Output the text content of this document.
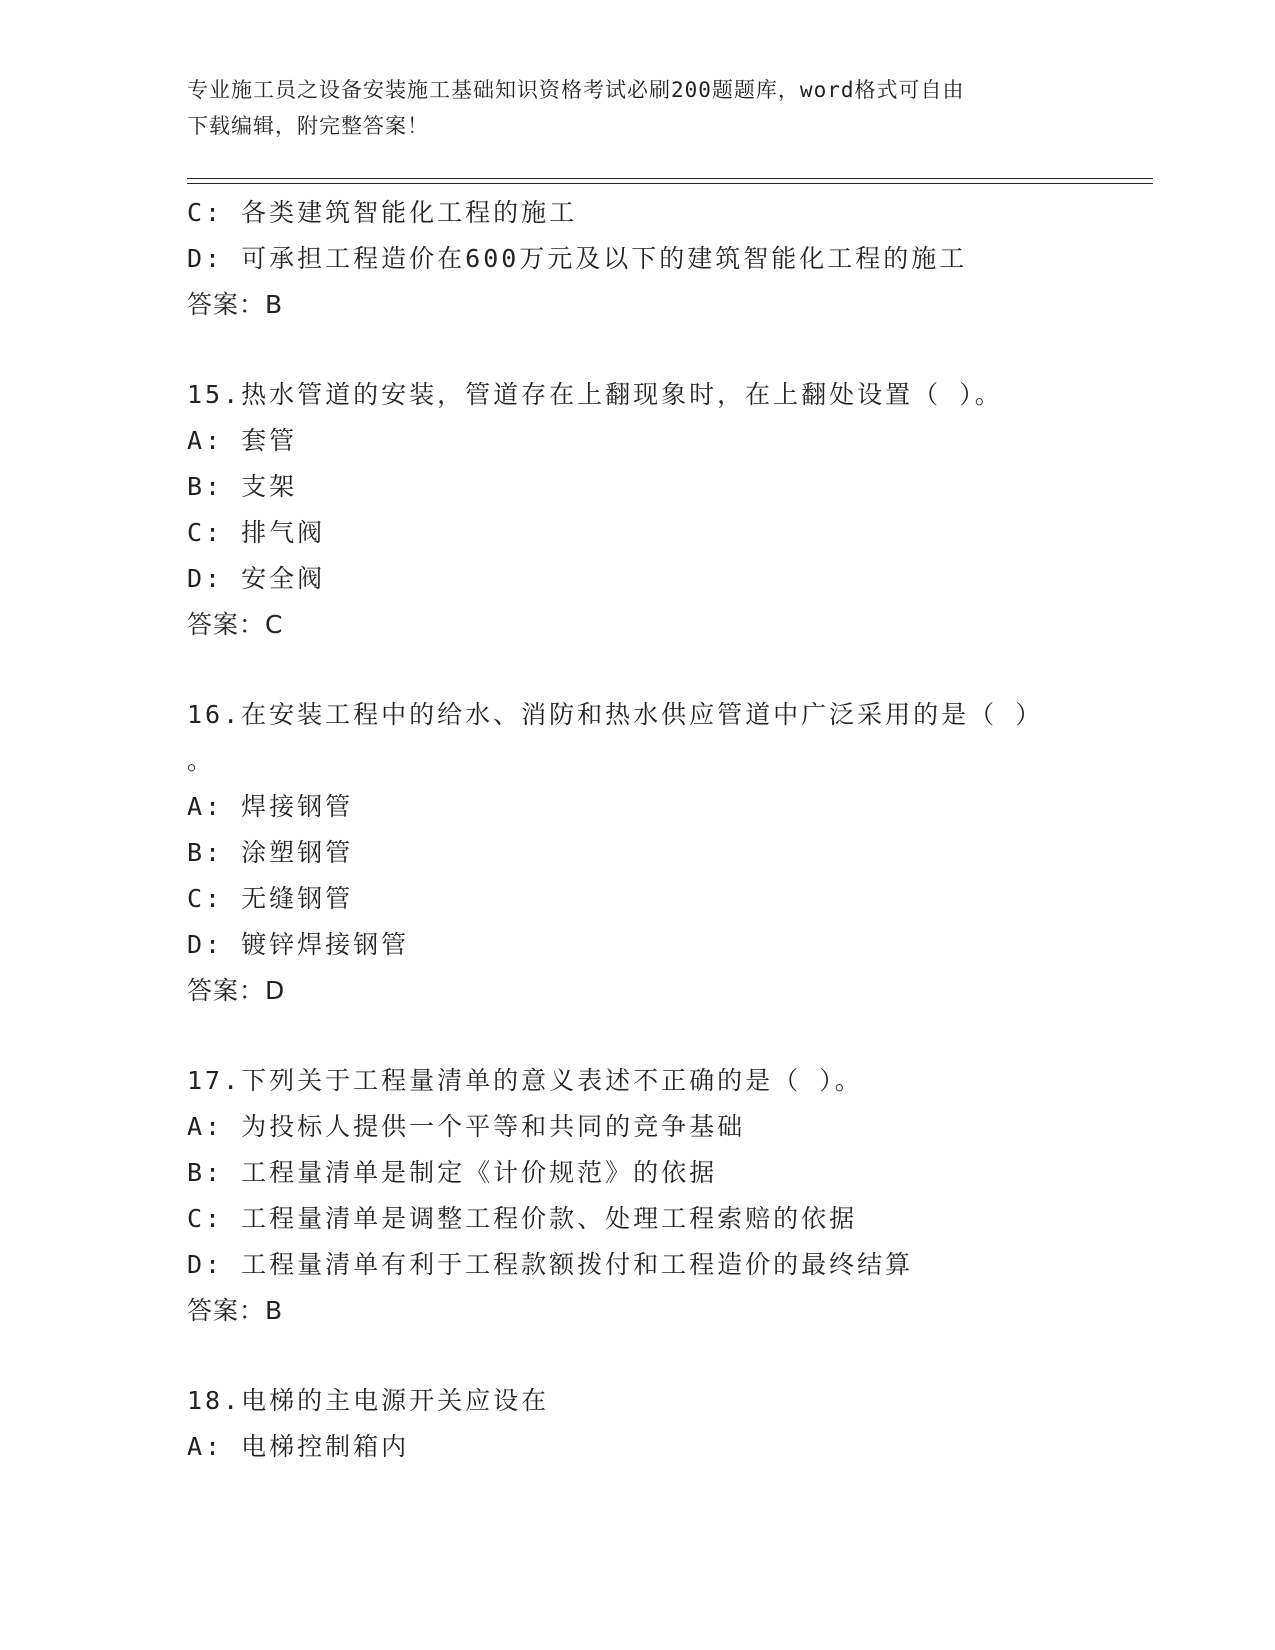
专业施工员之设备安装施工基础知识资格考试必刷200题题库，word格式可自由
下载编辑，附完整答案！
C: 各类建筑智能化工程的施工
D: 可承担工程造价在600万元及以下的建筑智能化工程的施工
答案：B
15.热水管道的安装，管道存在上翻现象时，在上翻处设置（ ）。
A: 套管
B: 支架
C: 排气阀
D: 安全阀
答案：C
16.在安装工程中的给水、消防和热水供应管道中广泛采用的是（ ）
。
A: 焊接钢管
B: 涂塑钢管
C: 无缝钢管
D: 镀锌焊接钢管
答案：D
17.下列关于工程量清单的意义表述不正确的是（ ）。
A: 为投标人提供一个平等和共同的竞争基础
B: 工程量清单是制定《计价规范》的依据
C: 工程量清单是调整工程价款、处理工程索赔的依据
D: 工程量清单有利于工程款额拨付和工程造价的最终结算
答案：B
18.电梯的主电源开关应设在
A: 电梯控制箱内
